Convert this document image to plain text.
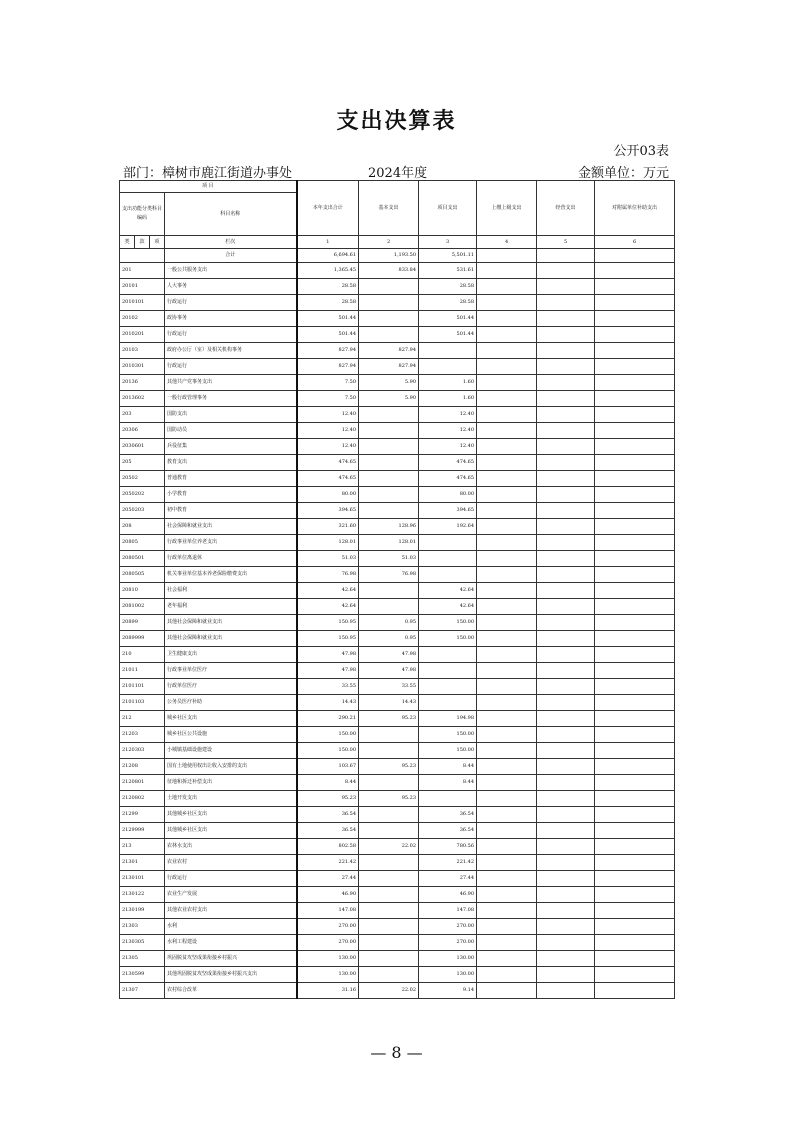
支出决算表
公开03表
部门：樟树市鹿江街道办事处	2024年度	金额单位：万元
项 目				本年支出合计	基本支出	项目支出	上缴上级支出	经营支出	对附属单位补助支出
支出功能分类科目编码			科目名称						
类	款	项	栏次	1	2	3	4	5	6
			合计	6,694.61	1,193.50	5,501.11			
201			一般公共服务支出	1,365.45	833.84	531.61			
20101			人大事务	28.58		28.58			
2010101			行政运行	28.58		28.58			
20102			政协事务	501.44		501.44			
2010201			行政运行	501.44		501.44			
20103			政府办公厅（室）及相关机构事务	827.94	827.94				
2010301			行政运行	827.94	827.94				
20136			其他共产党事务支出	7.50	5.90	1.60			
2013602			一般行政管理事务	7.50	5.90	1.60			
203			国防支出	12.40		12.40			
20306			国防动员	12.40		12.40			
2030601			兵役征集	12.40		12.40			
205			教育支出	474.65		474.65			
20502			普通教育	474.65		474.65			
2050202			小学教育	80.00		80.00			
2050203			初中教育	394.65		394.65			
208			社会保障和就业支出	321.60	128.96	192.64			
20805			行政事业单位养老支出	128.01	128.01				
2080501			行政单位离退休	51.03	51.03				
2080505			机关事业单位基本养老保险缴费支出	76.98	76.98				
20810			社会福利	42.64		42.64			
2081002			老年福利	42.64		42.64			
20899			其他社会保障和就业支出	150.95	0.95	150.00			
2089999			其他社会保障和就业支出	150.95	0.95	150.00			
210			卫生健康支出	47.98	47.98				
21011			行政事业单位医疗	47.98	47.98				
2101101			行政单位医疗	33.55	33.55				
2101103			公务员医疗补助	14.43	14.43				
212			城乡社区支出	290.21	95.23	194.98			
21203			城乡社区公共设施	150.00		150.00			
2120303			小城镇基础设施建设	150.00		150.00			
21208			国有土地使用权出让收入安排的支出	103.67	95.23	8.44			
2120801			征地和拆迁补偿支出	8.44		8.44			
2120802			土地开发支出	95.23	95.23				
21299			其他城乡社区支出	36.54		36.54			
2129999			其他城乡社区支出	36.54		36.54			
213			农林水支出	802.58	22.02	780.56			
21301			农业农村	221.42		221.42			
2130101			行政运行	27.44		27.44			
2130122			农业生产发展	46.90		46.90			
2130199			其他农业农村支出	147.08		147.08			
21303			水利	270.00		270.00			
2130305			水利工程建设	270.00		270.00			
21305			巩固脱贫攻坚成果衔接乡村振兴	130.00		130.00			
2130599			其他巩固脱贫攻坚成果衔接乡村振兴支出	130.00		130.00			
21307			农村综合改革	31.16	22.02	9.14			
— 8 —
